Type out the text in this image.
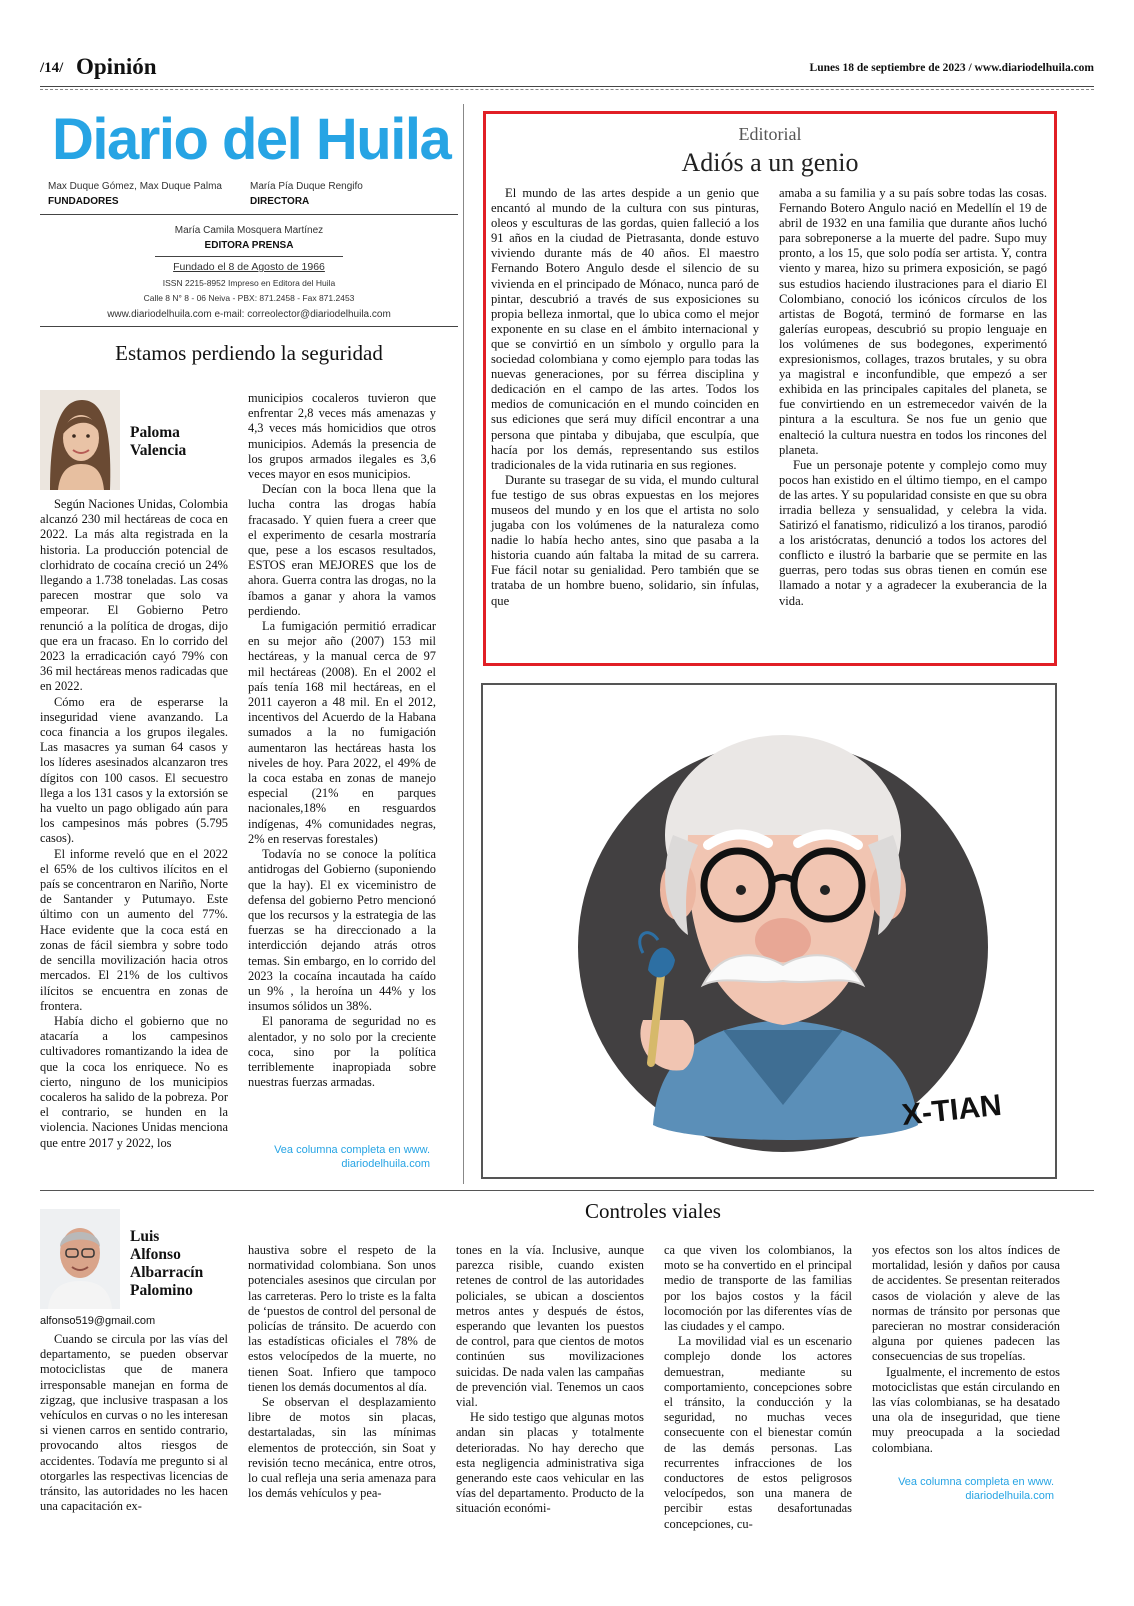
/14/ Opinión	Lunes 18 de septiembre de 2023 / www.diariodelhuila.com
Diario del Huila
Max Duque Gómez, Max Duque Palma
FUNDADORES
María Pía Duque Rengifo
DIRECTORA
María Camila Mosquera Martínez
EDITORA PRENSA
Fundado el 8 de Agosto de 1966
ISSN 2215-8952 Impreso en Editora del Huila
Calle 8 N° 8 - 06 Neiva - PBX: 871.2458 - Fax 871.2453
www.diariodelhuila.com e-mail: correolector@diariodelhuila.com
Estamos perdiendo la seguridad
Paloma
Valencia

Según Naciones Unidas, Colombia alcanzó 230 mil hectáreas de coca en 2022. La más alta registrada en la historia. La producción potencial de clorhidrato de cocaína creció un 24% llegando a 1.738 toneladas. Las cosas parecen mostrar que solo va empeorar. El Gobierno Petro renunció a la política de drogas, dijo que era un fracaso. En lo corrido del 2023 la erradicación cayó 79% con 36 mil hectáreas menos radicadas que en 2022.

Cómo era de esperarse la inseguridad viene avanzando. La coca financia a los grupos ilegales. Las masacres ya suman 64 casos y los líderes asesinados alcanzaron tres dígitos con 100 casos. El secuestro llega a los 131 casos y la extorsión se ha vuelto un pago obligado aún para los campesinos más pobres (5.795 casos).

El informe reveló que en el 2022 el 65% de los cultivos ilícitos en el país se concentraron en Nariño, Norte de Santander y Putumayo. Este último con un aumento del 77%. Hace evidente que la coca está en zonas de fácil siembra y sobre todo de sencilla movilización hacia otros mercados. El 21% de los cultivos ilícitos se encuentra en zonas de frontera.

Había dicho el gobierno que no atacaría a los campesinos cultivadores romantizando la idea de que la coca los enriquece. No es cierto, ninguno de los municipios cocaleros ha salido de la pobreza. Por el contrario, se hunden en la violencia. Naciones Unidas menciona que entre 2017 y 2022, los

municipios cocaleros tuvieron que enfrentar 2,8 veces más amenazas y 4,3 veces más homicidios que otros municipios. Además la presencia de los grupos armados ilegales es 3,6 veces mayor en esos municipios.

Decían con la boca llena que la lucha contra las drogas había fracasado. Y quien fuera a creer que el experimento de cesarla mostraría que, pese a los escasos resultados, ESTOS eran MEJORES que los de ahora. Guerra contra las drogas, no la íbamos a ganar y ahora la vamos perdiendo.

La fumigación permitió erradicar en su mejor año (2007) 153 mil hectáreas, y la manual cerca de 97 mil hectáreas (2008). En el 2002 el país tenía 168 mil hectáreas, en el 2011 cayeron a 48 mil. En el 2012, incentivos del Acuerdo de la Habana sumados a la no fumigación aumentaron las hectáreas hasta los niveles de hoy. Para 2022, el 49% de la coca estaba en zonas de manejo especial (21% en parques nacionales,18% en resguardos indígenas, 4% comunidades negras, 2% en reservas forestales)

Todavía no se conoce la política antidrogas del Gobierno (suponiendo que la hay). El ex viceministro de defensa del gobierno Petro mencionó que los recursos y la estrategia de las fuerzas se ha direccionado a la interdicción dejando atrás otros temas. Sin embargo, en lo corrido del 2023 la cocaína incautada ha caído un 9% , la heroína un 44% y los insumos sólidos un 38%.

El panorama de seguridad no es alentador, y no solo por la creciente coca, sino por la política terriblemente inapropiada sobre nuestras fuerzas armadas.

Vea columna completa en www.
diariodelhuila.com
Editorial
Adiós a un genio

El mundo de las artes despide a un genio que encantó al mundo de la cultura con sus pinturas, oleos y esculturas de las gordas, quien falleció a los 91 años en la ciudad de Pietrasanta, donde estuvo viviendo durante más de 40 años. El maestro Fernando Botero Angulo desde el silencio de su vivienda en el principado de Mónaco, nunca paró de pintar, descubrió a través de sus exposiciones su propia belleza inmortal, que lo ubica como el mejor exponente en su clase en el ámbito internacional y que se convirtió en un símbolo y orgullo para la sociedad colombiana y como ejemplo para todas las nuevas generaciones, por su férrea disciplina y dedicación en el campo de las artes. Todos los medios de comunicación en el mundo coinciden en sus ediciones que será muy difícil encontrar a una persona que pintaba y dibujaba, que esculpía, que hacía por los demás, representando sus estilos tradicionales de la vida rutinaria en sus regiones.

Durante su trasegar de su vida, el mundo cultural fue testigo de sus obras expuestas en los mejores museos del mundo y en los que el artista no solo jugaba con los volúmenes de la naturaleza como nadie lo había hecho antes, sino que pasaba a la historia cuando aún faltaba la mitad de su carrera. Fue fácil notar su genialidad. Pero también que se trataba de un hombre bueno, solidario, sin ínfulas, que

amaba a su familia y a su país sobre todas las cosas. Fernando Botero Angulo nació en Medellín el 19 de abril de 1932 en una familia que durante años luchó para sobreponerse a la muerte del padre. Supo muy pronto, a los 15, que solo podía ser artista. Y, contra viento y marea, hizo su primera exposición, se pagó sus estudios haciendo ilustraciones para el diario El Colombiano, conoció los icónicos círculos de los artistas de Bogotá, terminó de formarse en las galerías europeas, descubrió su propio lenguaje en los volúmenes de sus bodegones, experimentó expresionismos, collages, trazos brutales, y su obra ya magistral e inconfundible, que empezó a ser exhibida en las principales capitales del planeta, se fue convirtiendo en un estremecedor vaivén de la pintura a la escultura. Se nos fue un genio que enalteció la cultura nuestra en todos los rincones del planeta.

Fue un personaje potente y complejo como muy pocos han existido en el último tiempo, en el campo de las artes. Y su popularidad consiste en que su obra irradia belleza y sensualidad, y celebra la vida. Satirizó el fanatismo, ridiculizó a los tiranos, parodió a los aristócratas, denunció a todos los actores del conflicto e ilustró la barbarie que se permite en las guerras, pero todas sus obras tienen en común ese llamado a notar y a agradecer la exuberancia de la vida.

X-TIAN
Controles viales
Luis
Alfonso
Albarracín
Palomino
alfonso519@gmail.com

Cuando se circula por las vías del departamento, se pueden observar motociclistas que de manera irresponsable manejan en forma de zigzag, que inclusive traspasan a los vehículos en curvas o no les interesan si vienen carros en sentido contrario, provocando altos riesgos de accidentes. Todavía me pregunto si al otorgarles las respectivas licencias de tránsito, las autoridades no les hacen una capacitación ex-

haustiva sobre el respeto de la normatividad colombiana. Son unos potenciales asesinos que circulan por las carreteras. Pero lo triste es la falta de ‘puestos de control del personal de policías de tránsito. De acuerdo con las estadísticas oficiales el 78% de estos velocípedos de la muerte, no tienen Soat. Infiero que tampoco tienen los demás documentos al día.

Se observan el desplazamiento libre de motos sin placas, destartaladas, sin las mínimas elementos de protección, sin Soat y revisión tecno mecánica, entre otros, lo cual refleja una seria amenaza para los demás vehículos y pea-

tones en la vía. Inclusive, aunque parezca risible, cuando existen retenes de control de las autoridades policiales, se ubican a doscientos metros antes y después de éstos, esperando que levanten los puestos de control, para que cientos de motos continúen sus movilizaciones suicidas. De nada valen las campañas de prevención vial. Tenemos un caos vial.

He sido testigo que algunas motos andan sin placas y totalmente deterioradas. No hay derecho que esta negligencia administrativa siga generando este caos vehicular en las vías del departamento. Producto de la situación económi-

ca que viven los colombianos, la moto se ha convertido en el principal medio de transporte de las familias por los bajos costos y la fácil locomoción por las diferentes vías de las ciudades y el campo.

La movilidad vial es un escenario complejo donde los actores demuestran, mediante su comportamiento, concepciones sobre el tránsito, la conducción y la seguridad, no muchas veces consecuente con el bienestar común de las demás personas. Las recurrentes infracciones de los conductores de estos peligrosos velocípedos, son una manera de percibir estas desafortunadas concepciones, cu-

yos efectos son los altos índices de mortalidad, lesión y daños por causa de accidentes. Se presentan reiterados casos de violación y aleve de las normas de tránsito por personas que parecieran no mostrar consideración alguna por quienes padecen las consecuencias de sus tropelías.

Igualmente, el incremento de estos motociclistas que están circulando en las vías colombianas, se ha desatado una ola de inseguridad, que tiene muy preocupada a la sociedad colombiana.

Vea columna completa en www.
diariodelhuila.com
